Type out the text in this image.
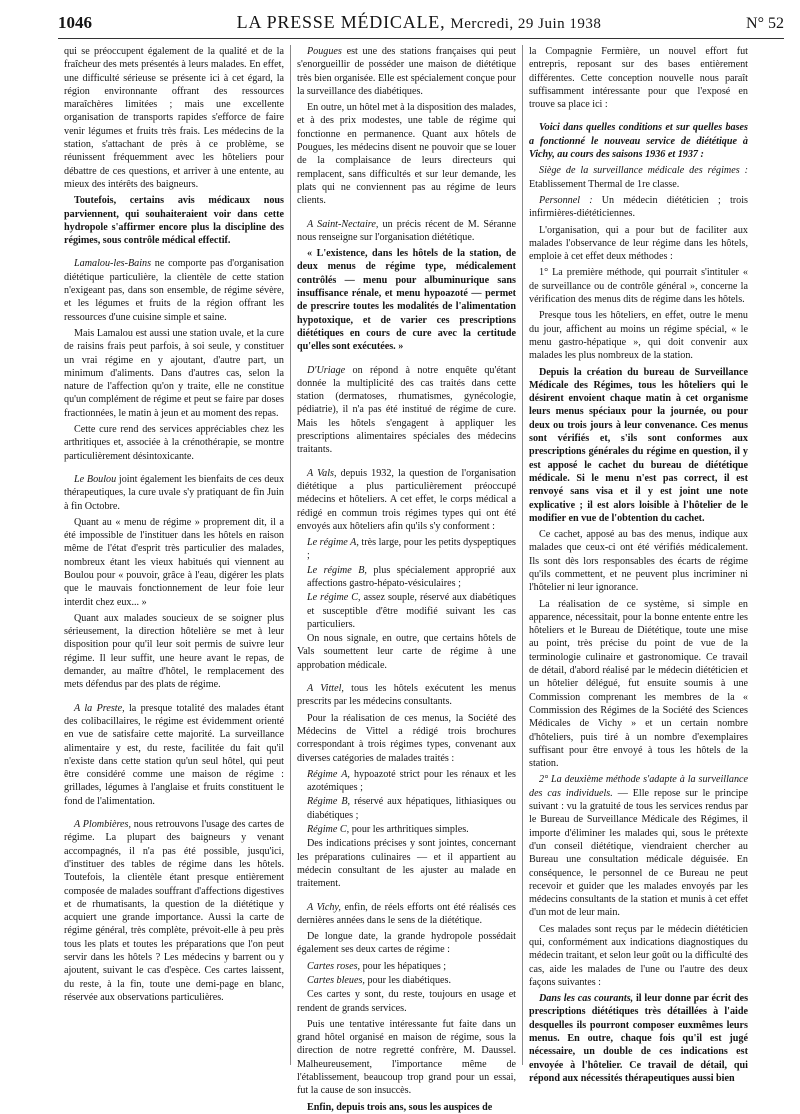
1046	LA PRESSE MÉDICALE, Mercredi, 29 Juin 1938	N° 52

qui se préoccupent également de la qualité et de la fraîcheur des mets présentés à leurs malades. En effet, une difficulté sérieuse se présente ici à cet égard, la région environnante offrant des ressources maraîchères limitées ; mais une excellente organisation de transports rapides s'efforce de faire venir légumes et fruits très frais. Les médecins de la station, s'attachant de près à ce problème, se réunissent fréquemment avec les hôteliers pour débattre de ces questions, et arriver à une entente, au mieux des intérêts des baigneurs.

Toutefois, certains avis médicaux nous parviennent, qui souhaiteraient voir dans cette hydropole s'affirmer encore plus la discipline des régimes, sous contrôle médical effectif.

Lamalou-les-Bains ne comporte pas d'organisation diététique particulière, la clientèle de cette station n'exigeant pas, dans son ensemble, de régime sévère, et les légumes et fruits de la région offrant les ressources d'une cuisine simple et saine.

Mais Lamalou est aussi une station uvale, et la cure de raisins frais peut parfois, à soi seule, y constituer un vrai régime en y ajoutant, d'autre part, un minimum d'aliments. Dans d'autres cas, selon la nature de l'affection qu'on y traite, elle ne constitue qu'un complément de régime et peut se faire par doses fractionnées, le matin à jeun et au moment des repas.

Cette cure rend des services appréciables chez les arthritiques et, associée à la crénothérapie, se montre particulièrement désintoxicante.

Le Boulou joint également les bienfaits de ces deux thérapeutiques, la cure uvale s'y pratiquant de fin Juin à fin Octobre.

Quant au « menu de régime » proprement dit, il a été impossible de l'instituer dans les hôtels en raison même de l'état d'esprit très particulier des malades, nombreux étant les vieux habitués qui viennent au Boulou pour « pouvoir, grâce à l'eau, digérer les plats que le mauvais fonctionnement de leur foie leur interdit chez eux... »

Quant aux malades soucieux de se soigner plus sérieusement, la direction hôtelière se met à leur disposition pour qu'il leur soit permis de suivre leur régime. Il leur suffit, une heure avant le repas, de demander, au maître d'hôtel, le remplacement des mets défendus par des plats de régime.

A la Preste, la presque totalité des malades étant des colibacillaires, le régime est évidemment orienté en vue de satisfaire cette majorité. La surveillance alimentaire y est, du reste, facilitée du fait qu'il n'existe dans cette station qu'un seul hôtel, qui peut être considéré comme une maison de régime : grillades, légumes à l'anglaise et fruits constituent le fond de l'alimentation.

A Plombières, nous retrouvons l'usage des cartes de régime. La plupart des baigneurs y venant accompagnés, il n'a pas été possible, jusqu'ici, d'instituer des tables de régime dans les hôtels. Toutefois, la clientèle étant presque entièrement composée de malades souffrant d'affections digestives et de rhumatisants, la question de la diététique y acquiert une grande importance. Aussi la carte de régime général, très complète, prévoit-elle à peu près tous les plats et toutes les préparations que l'on peut servir dans les hôtels ? Les médecins y barrent ou y ajoutent, suivant le cas d'espèce. Ces cartes laissent, du reste, à la fin, toute une demi-page en blanc, réservée aux observations particulières.

Pougues est une des stations françaises qui peut s'enorgueillir de posséder une maison de diététique très bien organisée. Elle est spécialement conçue pour la surveillance des diabétiques.

En outre, un hôtel met à la disposition des malades, et à des prix modestes, une table de régime qui fonctionne en permanence. Quant aux hôtels de Pougues, les médecins disent ne pouvoir que se louer de la complaisance de leurs directeurs qui remplacent, sans difficultés et sur leur demande, les plats qui ne conviennent pas au régime de leurs clients.

A Saint-Nectaire, un précis récent de M. Séranne nous renseigne sur l'organisation diététique.

« L'existence, dans les hôtels de la station, de deux menus de régime type, médicalement contrôlés — menu pour albuminurique sans insuffisance rénale, et menu hypoazoté — permet de prescrire toutes les modalités de l'alimentation hypotoxique, et de varier ces prescriptions diététiques en cours de cure avec la certitude qu'elles sont exécutées. »

D'Uriage on répond à notre enquête qu'étant donnée la multiplicité des cas traités dans cette station (dermatoses, rhumatismes, gynécologie, pédiatrie), il n'a pas été institué de régime de cure. Mais les hôtels s'engagent à appliquer les prescriptions alimentaires spéciales des médecins traitants.

A Vals, depuis 1932, la question de l'organisation diététique a plus particulièrement préoccupé médecins et hôteliers. A cet effet, le corps médical a rédigé en commun trois régimes types qui ont été envoyés aux hôteliers afin qu'ils s'y conforment :

Le régime A, très large, pour les petits dyspeptiques ;

Le régime B, plus spécialement approprié aux affections gastro-hépato-vésiculaires ;

Le régime C, assez souple, réservé aux diabétiques et susceptible d'être modifié suivant les cas particuliers.

On nous signale, en outre, que certains hôtels de Vals soumettent leur carte de régime à une approbation médicale.

A Vittel, tous les hôtels exécutent les menus prescrits par les médecins consultants.

Pour la réalisation de ces menus, la Société des Médecins de Vittel a rédigé trois brochures correspondant à trois régimes types, convenant aux diverses catégories de malades traités :

Régime A, hypoazoté strict pour les rénaux et les azotémiques ;

Régime B, réservé aux hépatiques, lithiasiques ou diabétiques ;

Régime C, pour les arthritiques simples.

Des indications précises y sont jointes, concernant les préparations culinaires — et il appartient au médecin consultant de les ajuster au malade en traitement.

A Vichy, enfin, de réels efforts ont été réalisés ces dernières années dans le sens de la diététique.

De longue date, la grande hydropole possédait également ses deux cartes de régime :

Cartes roses, pour les hépatiques ;

Cartes bleues, pour les diabétiques.

Ces cartes y sont, du reste, toujours en usage et rendent de grands services.

Puis une tentative intéressante fut faite dans un grand hôtel organisé en maison de régime, sous la direction de notre regretté confrère, M. Daussel. Malheureusement, l'importance même de l'établissement, beaucoup trop grand pour un essai, fut la cause de son insuccès.

Enfin, depuis trois ans, sous les auspices de

la Compagnie Fermière, un nouvel effort fut entrepris, reposant sur des bases entièrement différentes. Cette conception nouvelle nous paraît suffisamment intéressante pour que l'exposé en trouve sa place ici :

Voici dans quelles conditions et sur quelles bases a fonctionné le nouveau service de diététique à Vichy, au cours des saisons 1936 et 1937 :

Siège de la surveillance médicale des régimes : Etablissement Thermal de 1re classe.

Personnel : Un médecin diététicien ; trois infirmières-diététiciennes.

L'organisation, qui a pour but de faciliter aux malades l'observance de leur régime dans les hôtels, emploie à cet effet deux méthodes :

1° La première méthode, qui pourrait s'intituler « de surveillance ou de contrôle général », concerne la vérification des menus dits de régime dans les hôtels.

Presque tous les hôteliers, en effet, outre le menu du jour, affichent au moins un régime spécial, « le menu gastro-hépatique », qui doit convenir aux malades les plus nombreux de la station.

Depuis la création du bureau de Surveillance Médicale des Régimes, tous les hôteliers qui le désirent envoient chaque matin à cet organisme leurs menus spéciaux pour la journée, ou pour deux ou trois jours à leur convenance. Ces menus sont vérifiés et, s'ils sont conformes aux prescriptions générales du régime en question, il y est apposé le cachet du bureau de diététique médicale. Si le menu n'est pas correct, il est renvoyé sans visa et il y est joint une note explicative ; il est alors loisible à l'hôtelier de le modifier en vue de l'obtention du cachet.

Ce cachet, apposé au bas des menus, indique aux malades que ceux-ci ont été vérifiés médicalement. Ils sont dès lors responsables des écarts de régime qu'ils commettent, et ne peuvent plus incriminer ni l'hôtelier ni leur ignorance.

La réalisation de ce système, si simple en apparence, nécessitait, pour la bonne entente entre les hôteliers et le Bureau de Diététique, toute une mise au point, très précise du point de vue de la terminologie culinaire et gastronomique. Ce travail de détail, d'abord réalisé par le médecin diététicien et un hôtelier délégué, fut ensuite soumis à une Commission comprenant les membres de la « Commission des Régimes de la Société des Sciences Médicales de Vichy » et un certain nombre d'hôteliers, puis tiré à un nombre d'exemplaires suffisant pour être envoyé à tous les hôtels de la station.

2° La deuxième méthode s'adapte à la surveillance des cas individuels. — Elle repose sur le principe suivant : vu la gratuité de tous les services rendus par le Bureau de Surveillance Médicale des Régimes, il importe d'éliminer les malades qui, sous le prétexte d'un conseil diététique, viendraient chercher au Bureau une consultation médicale déguisée. En conséquence, le personnel de ce Bureau ne peut recevoir et guider que les malades envoyés par les médecins consultants de la station et munis à cet effet d'un mot de leur main.

Ces malades sont reçus par le médecin diététicien qui, conformément aux indications diagnostiques du médecin traitant, et selon leur goût ou la difficulté des cas, aide les malades de l'une ou l'autre des deux façons suivantes :

Dans les cas courants, il leur donne par écrit des prescriptions diététiques très détaillées à l'aide desquelles ils pourront composer euxmêmes leurs menus. En outre, chaque fois qu'il est jugé nécessaire, un double de ces indications est envoyée à l'hôtelier. Ce travail de détail, qui répond aux nécessités thérapeutiques aussi bien
